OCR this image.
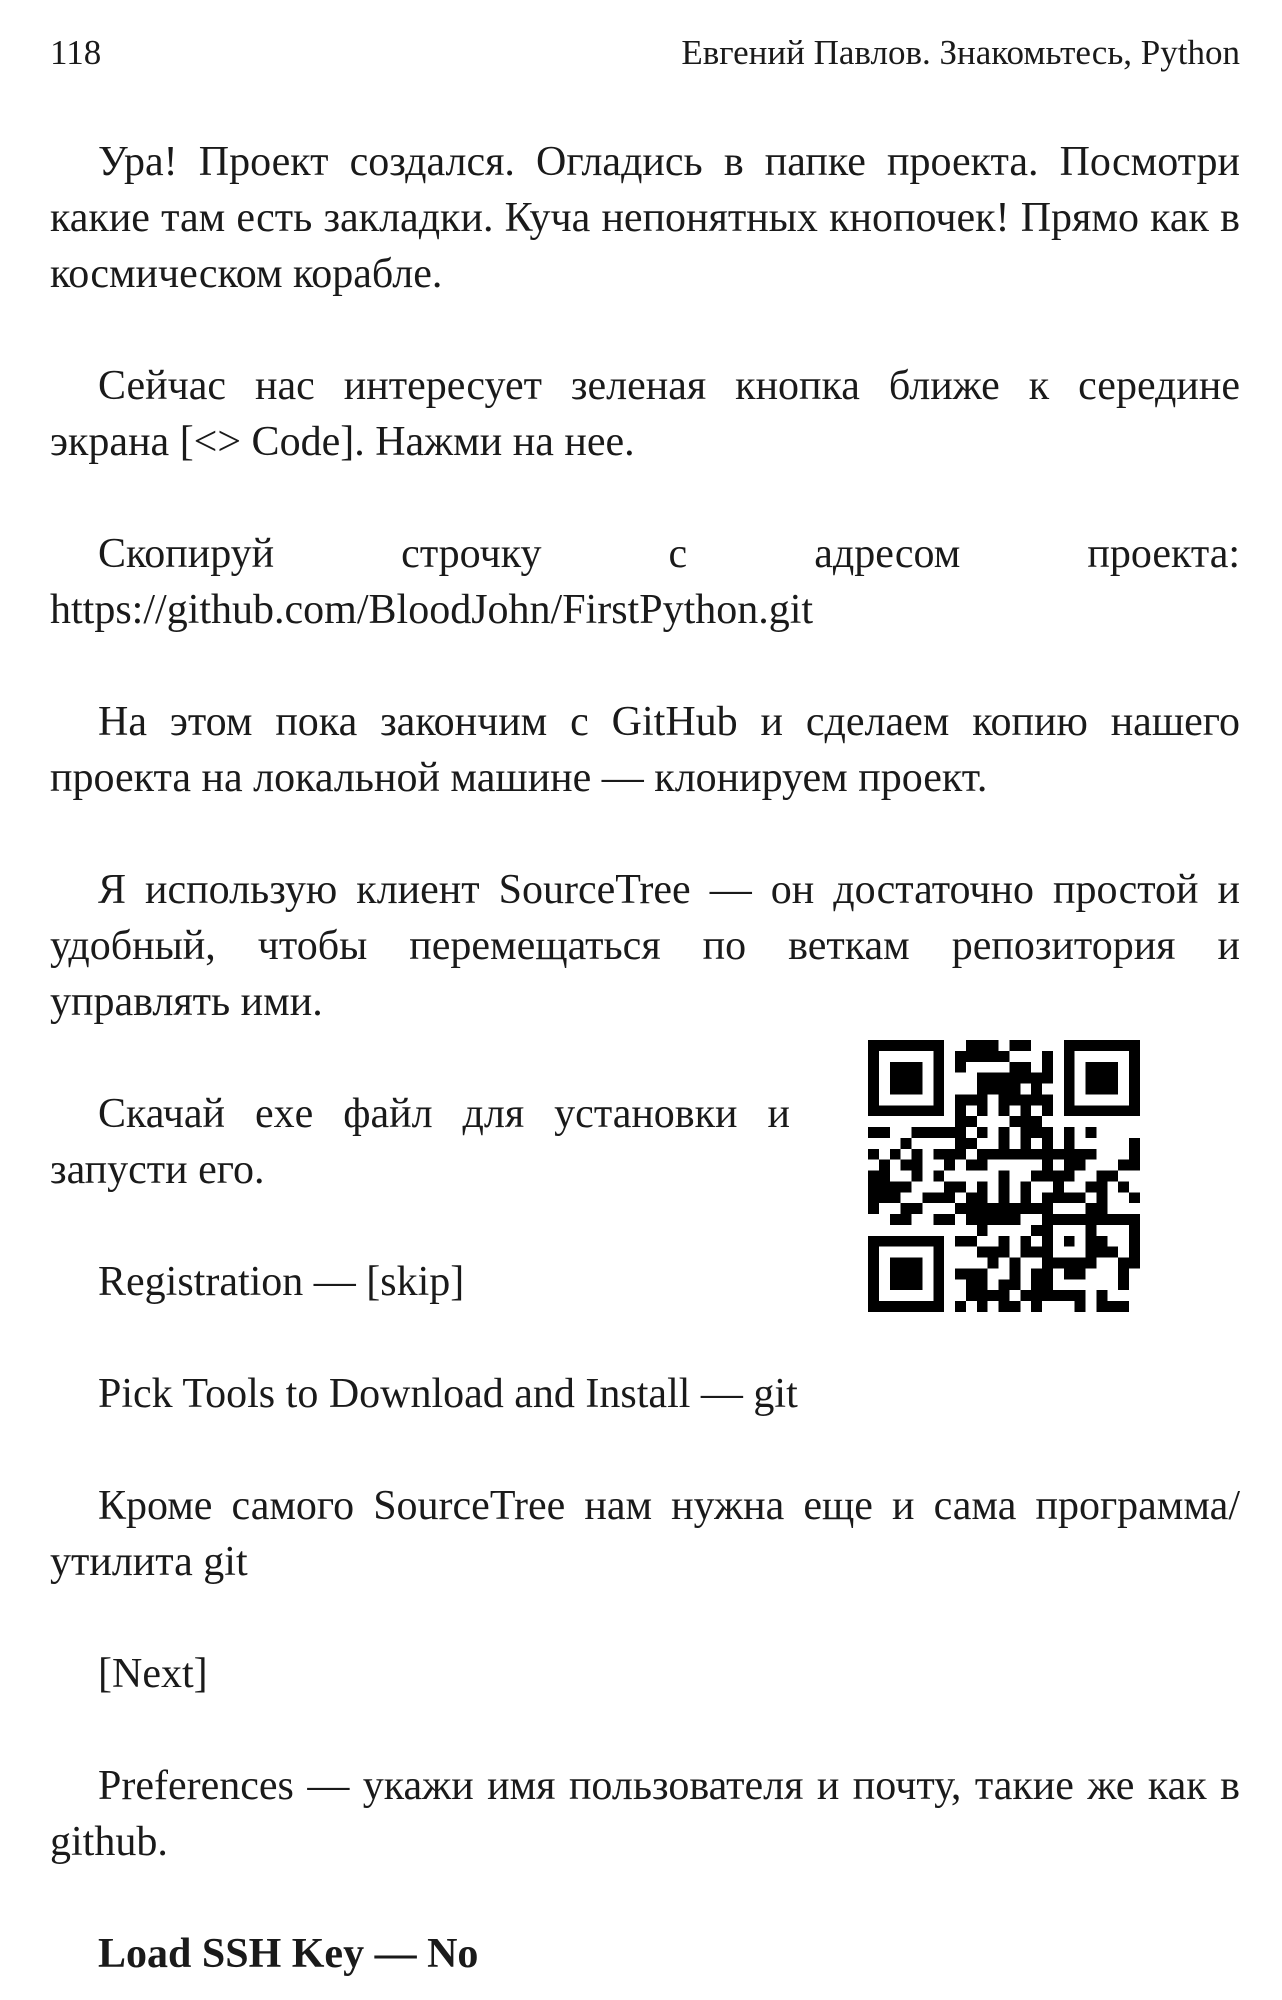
118	Евгений Павлов. Знакомьтесь, Python

Ура! Проект создался. Огладись в папке проекта. Посмотри какие там есть закладки. Куча непонятных кнопочек! Прямо как в космическом корабле.

Сейчас нас интересует зеленая кнопка ближе к середине экрана [<> Code]. Нажми на нее.

Скопируй строчку с адресом проекта: https://github.com/BloodJohn/FirstPython.git

На этом пока закончим с GitHub и сделаем копию нашего проекта на локальной машине — клонируем проект.

Я использую клиент SourceTree — он достаточно простой и удобный, чтобы перемещаться по веткам репозитория и управлять ими.

Скачай exe файл для установки и запусти его.

Registration — [skip]

Pick Tools to Download and Install — git

Кроме самого SourceTree нам нужна еще и сама программа/утилита git

[Next]

Preferences — укажи имя пользователя и почту, такие же как в github.

Load SSH Key — No
